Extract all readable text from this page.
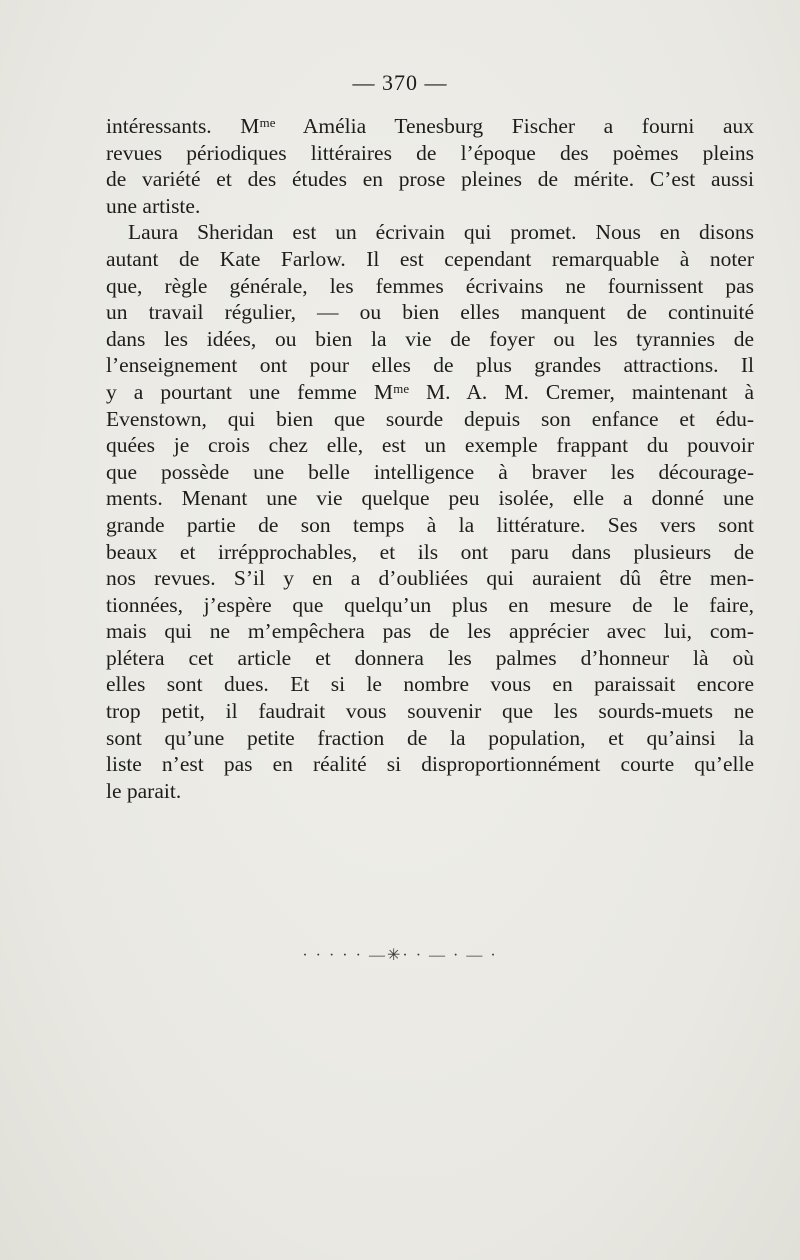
— 370 —
intéressants. Mᵐᵉ Amélia Tenesburg Fischer a fourni aux
revues périodiques littéraires de l’époque des poèmes pleins
de variété et des études en prose pleines de mérite. C’est aussi
une artiste.
Laura Sheridan est un écrivain qui promet. Nous en disons
autant de Kate Farlow. Il est cependant remarquable à noter
que, règle générale, les femmes écrivains ne fournissent pas
un travail régulier, — ou bien elles manquent de continuité
dans les idées, ou bien la vie de foyer ou les tyrannies de
l’enseignement ont pour elles de plus grandes attractions. Il
y a pourtant une femme Mᵐᵉ M. A. M. Cremer, maintenant à
Evenstown, qui bien que sourde depuis son enfance et édu-
quées je crois chez elle, est un exemple frappant du pouvoir
que possède une belle intelligence à braver les décourage-
ments. Menant une vie quelque peu isolée, elle a donné une
grande partie de son temps à la littérature. Ses vers sont
beaux et irrépprochables, et ils ont paru dans plusieurs de
nos revues. S’il y en a d’oubliées qui auraient dû être men-
tionnées, j’espère que quelqu’un plus en mesure de le faire,
mais qui ne m’empêchera pas de les apprécier avec lui, com-
plétera cet article et donnera les palmes d’honneur là où
elles sont dues. Et si le nombre vous en paraissait encore
trop petit, il faudrait vous souvenir que les sourds-muets ne
sont qu’une petite fraction de la population, et qu’ainsi la
liste n’est pas en réalité si disproportionnément courte qu’elle
le parait.
· · · · · —✳· · — · — ·
